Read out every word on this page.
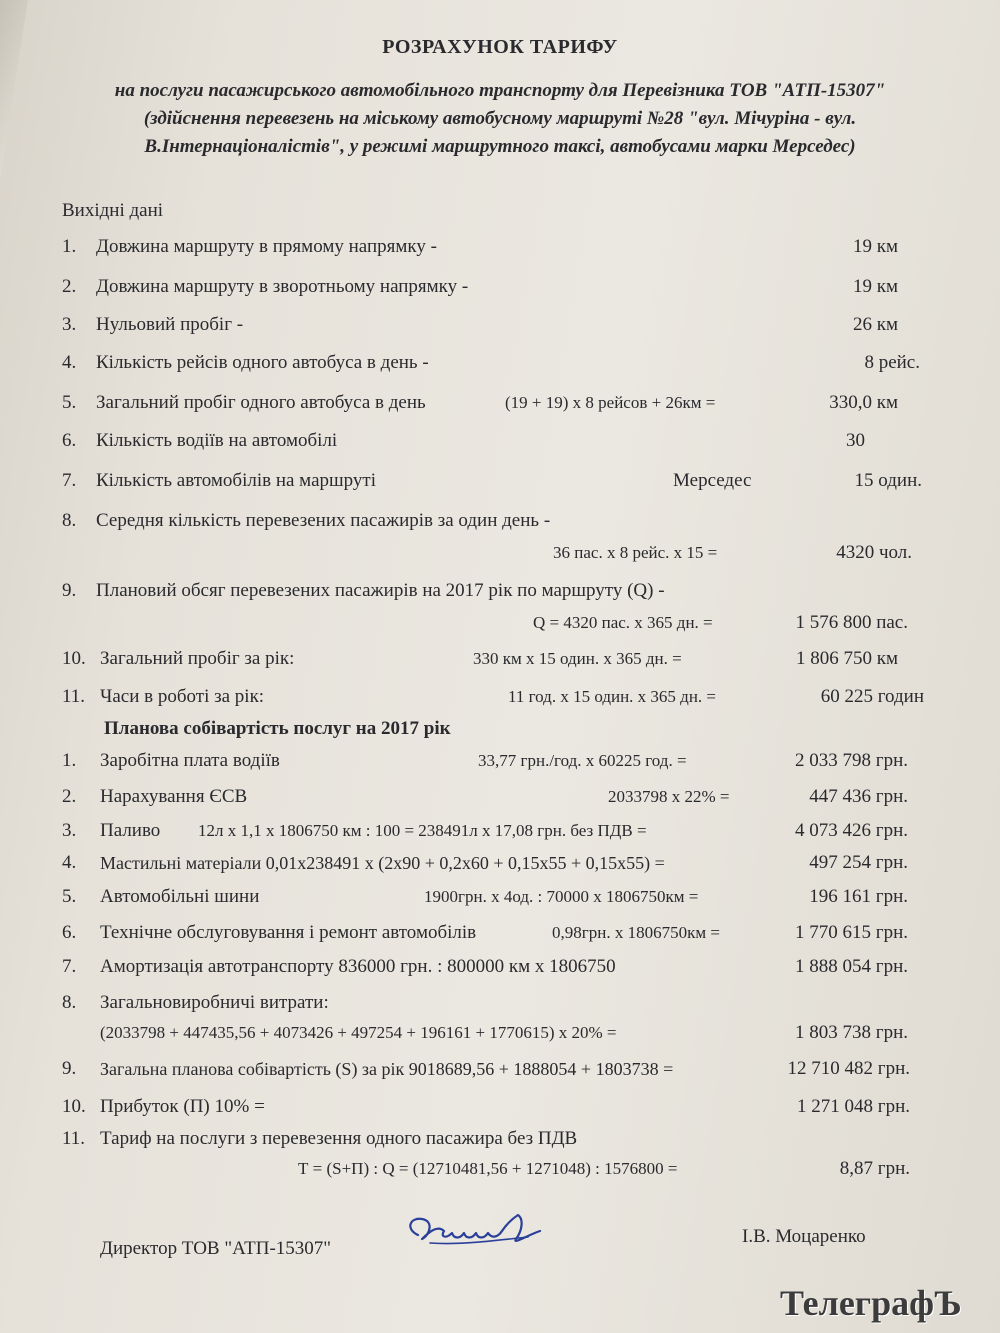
РОЗРАХУНОК ТАРИФУ
на послуги пасажирського автомобільного транспорту для Перевізника ТОВ "АТП-15307"
(здійснення перевезень на міському автобусному маршруті №28 "вул. Мічуріна - вул.
В.Інтернаціоналістів", у режимі маршрутного таксі, автобусами марки Мерседес)
Вихідні дані
1. Довжина маршруту в прямому напрямку -	19 км
2. Довжина маршруту в зворотньому напрямку -	19 км
3. Нульовий пробіг -	26 км
4. Кількість рейсів одного автобуса в день -	8 рейс.
5. Загальний пробіг одного автобуса в день	(19 + 19) х 8 рейсов + 26км =	330,0 км
6. Кількість водіїв на автомобілі	30
7. Кількість автомобілів на маршруті	Мерседес	15 один.
8. Середня кількість перевезених пасажирів за один день -
36 пас. х 8 рейс. х 15 =	4320 чол.
9. Плановий обсяг перевезених пасажирів на 2017 рік по маршруту (Q) -
Q = 4320 пас. х 365 дн. =	1 576 800 пас.
10. Загальний пробіг за рік:	330 км х 15 один. х 365 дн. =	1 806 750 км
11. Часи в роботі за рік:	11 год. х 15 один. х 365 дн. =	60 225 годин
Планова собівартість послуг на 2017 рік
1. Заробітна плата водіїв	33,77 грн./год. х 60225 год. =	2 033 798 грн.
2. Нарахування ЄСВ	2033798 х 22% =	447 436 грн.
3. Паливо 12л х 1,1 х 1806750 км : 100 = 238491л х 17,08 грн. без ПДВ =	4 073 426 грн.
4. Мастильні матеріали 0,01х238491 х (2х90 + 0,2х60 + 0,15х55 + 0,15х55) =	497 254 грн.
5. Автомобільні шини	1900грн. х 4од. : 70000 х 1806750км =	196 161 грн.
6. Технічне обслуговування і ремонт автомобілів	0,98грн. х 1806750км =	1 770 615 грн.
7. Амортизація автотранспорту 836000 грн. : 800000 км х 1806750	1 888 054 грн.
8. Загальновиробничі витрати:
(2033798 + 447435,56 + 4073426 + 497254 + 196161 + 1770615) х 20% =	1 803 738 грн.
9. Загальна планова собівартість (S) за рік 9018689,56 + 1888054 + 1803738 =	12 710 482 грн.
10. Прибуток (П) 10% =	1 271 048 грн.
11. Тариф на послуги з перевезення одного пасажира без ПДВ
Т = (S+П) : Q = (12710481,56 + 1271048) : 1576800 =	8,87 грн.
Директор ТОВ "АТП-15307"
І.В. Моцаренко
ТелеграфЪ
